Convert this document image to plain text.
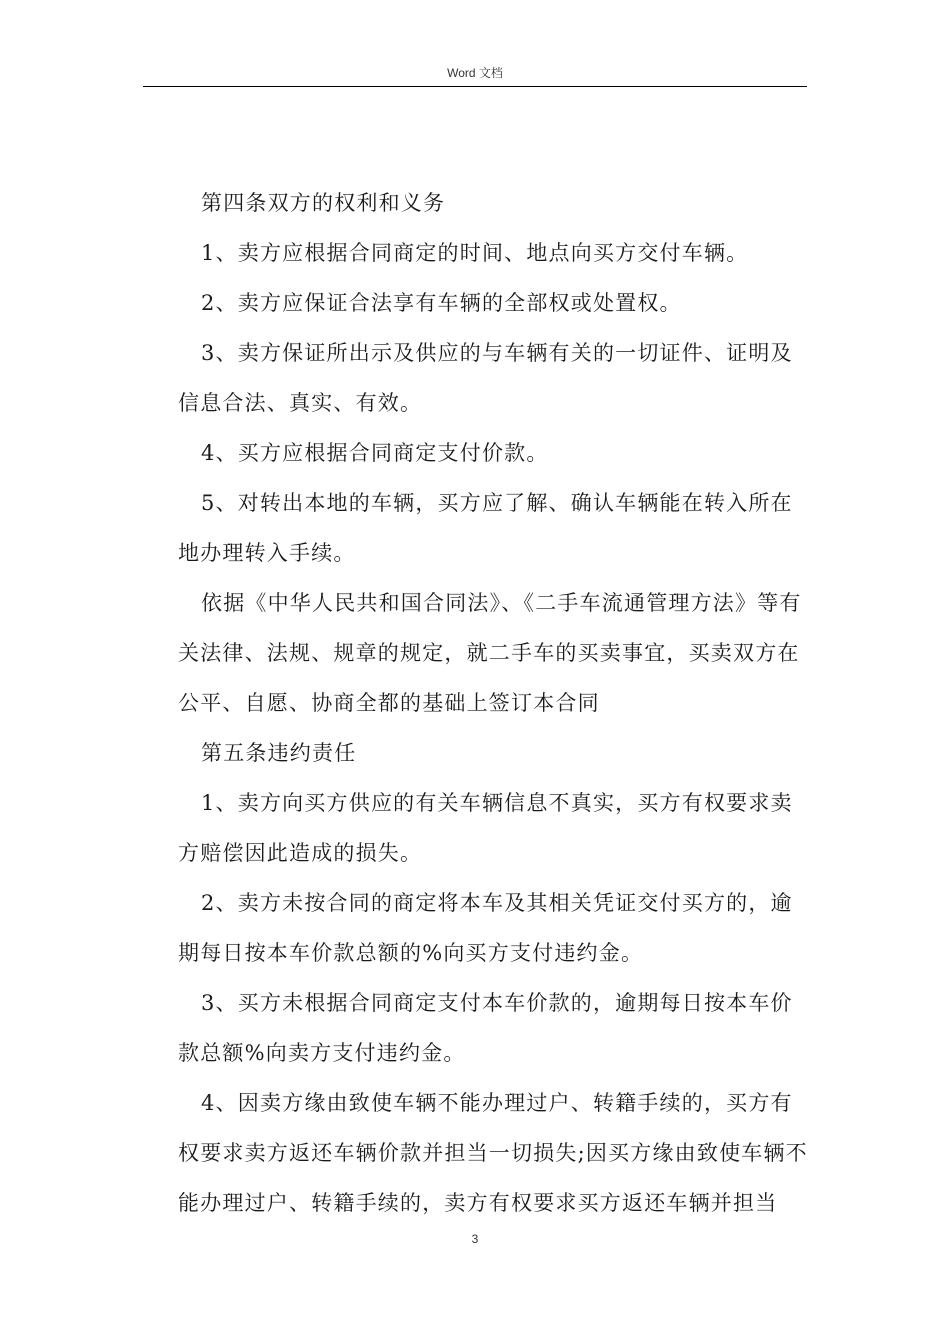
Word 文档

第四条双方的权利和义务

1、卖方应根据合同商定的时间、地点向买方交付车辆。

2、卖方应保证合法享有车辆的全部权或处置权。

3、卖方保证所出示及供应的与车辆有关的一切证件、证明及信息合法、真实、有效。

4、买方应根据合同商定支付价款。

5、对转出本地的车辆，买方应了解、确认车辆能在转入所在地办理转入手续。

依据《中华人民共和国合同法》、《二手车流通管理方法》等有关法律、法规、规章的规定，就二手车的买卖事宜，买卖双方在公平、自愿、协商全都的基础上签订本合同

第五条违约责任

1、卖方向买方供应的有关车辆信息不真实，买方有权要求卖方赔偿因此造成的损失。

2、卖方未按合同的商定将本车及其相关凭证交付买方的，逾期每日按本车价款总额的%向买方支付违约金。

3、买方未根据合同商定支付本车价款的，逾期每日按本车价款总额%向卖方支付违约金。

4、因卖方缘由致使车辆不能办理过户、转籍手续的，买方有权要求卖方返还车辆价款并担当一切损失;因买方缘由致使车辆不能办理过户、转籍手续的，卖方有权要求买方返还车辆并担当

3
